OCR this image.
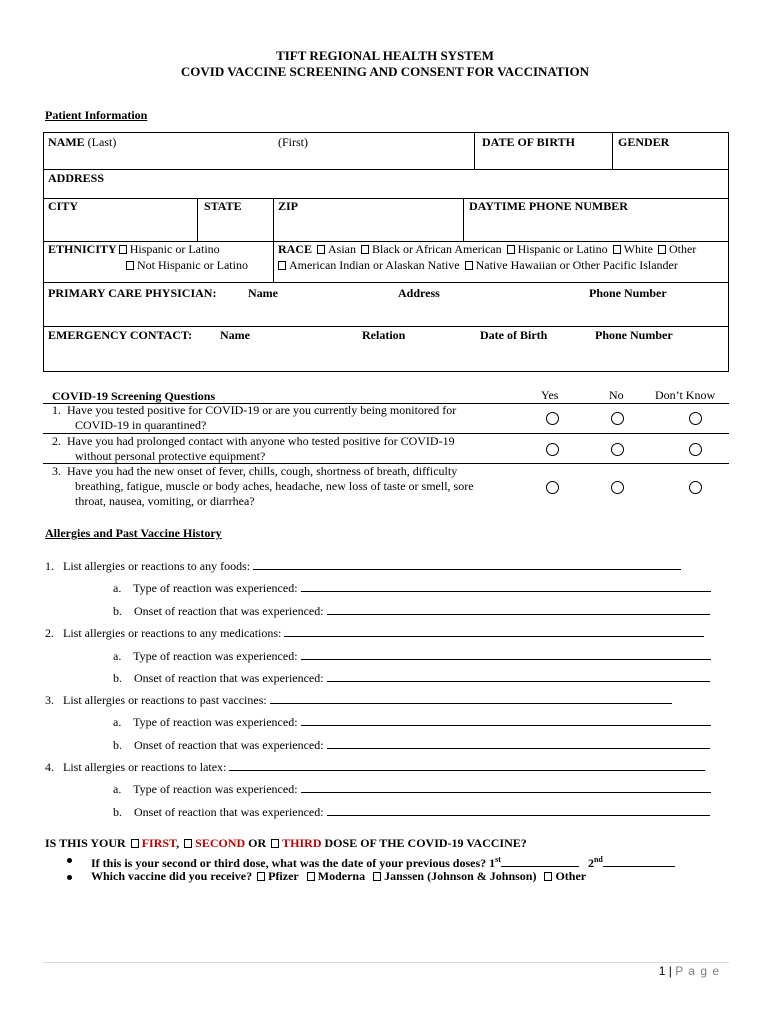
TIFT REGIONAL HEALTH SYSTEM
COVID VACCINE SCREENING AND CONSENT FOR VACCINATION
Patient Information
NAME (Last)	(First)	DATE OF BIRTH	GENDER
ADDRESS
CITY	STATE	ZIP	DAYTIME PHONE NUMBER
ETHNICITY Hispanic or Latino
Not Hispanic or Latino
RACE Asian Black or African American Hispanic or Latino White Other
American Indian or Alaskan Native Native Hawaiian or Other Pacific Islander
PRIMARY CARE PHYSICIAN:	Name	Address	Phone Number
EMERGENCY CONTACT: Name	Relation	Date of Birth	Phone Number
COVID-19 Screening Questions	Yes	No	Don’t Know
1. Have you tested positive for COVID-19 or are you currently being monitored for
COVID-19 in quarantined?
2. Have you had prolonged contact with anyone who tested positive for COVID-19
without personal protective equipment?
3. Have you had the new onset of fever, chills, cough, shortness of breath, difficulty
breathing, fatigue, muscle or body aches, headache, new loss of taste or smell, sore
throat, nausea, vomiting, or diarrhea?
Allergies and Past Vaccine History
1. List allergies or reactions to any foods:
a. Type of reaction was experienced:
b. Onset of reaction that was experienced:
2. List allergies or reactions to any medications:
a. Type of reaction was experienced:
b. Onset of reaction that was experienced:
3. List allergies or reactions to past vaccines:
a. Type of reaction was experienced:
b. Onset of reaction that was experienced:
4. List allergies or reactions to latex:
a. Type of reaction was experienced:
b. Onset of reaction that was experienced:
IS THIS YOUR FIRST, SECOND OR THIRD DOSE OF THE COVID-19 VACCINE?
If this is your second or third dose, what was the date of your previous doses? 1st	2nd
Which vaccine did you receive? Pfizer Moderna Janssen (Johnson & Johnson) Other
1 | P a g e
